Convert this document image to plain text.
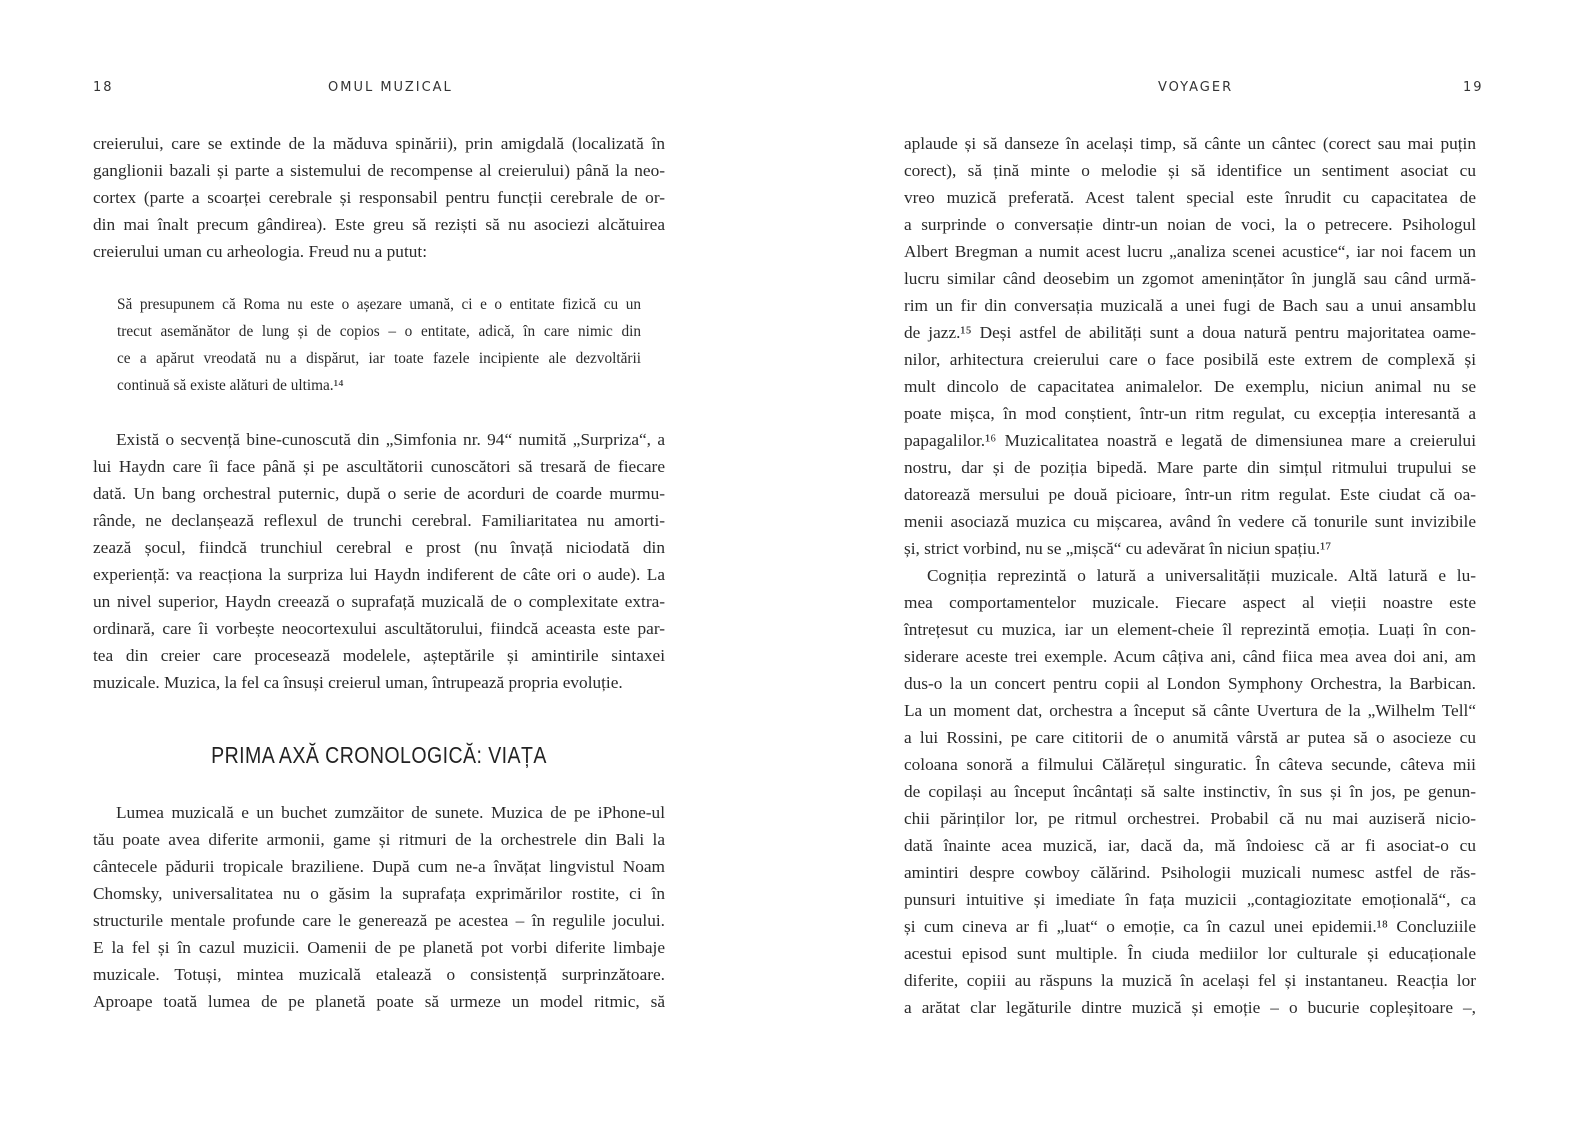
18	OMUL MUZICAL
creierului, care se extinde de la măduva spinării), prin amigdală (localizată în
ganglionii bazali și parte a sistemului de recompense al creierului) până la neo-
cortex (parte a scoarței cerebrale și responsabil pentru funcții cerebrale de or-
din mai înalt precum gândirea). Este greu să reziști să nu asociezi alcătuirea
creierului uman cu arheologia. Freud nu a putut:
Să presupunem că Roma nu este o așezare umană, ci e o entitate fizică cu un
trecut asemănător de lung și de copios – o entitate, adică, în care nimic din
ce a apărut vreodată nu a dispărut, iar toate fazele incipiente ale dezvoltării
continuă să existe alături de ultima.¹⁴
Există o secvență bine-cunoscută din „Simfonia nr. 94“ numită „Surpriza“, a
lui Haydn care îi face până și pe ascultătorii cunoscători să tresară de fiecare
dată. Un bang orchestral puternic, după o serie de acorduri de coarde murmu-
rânde, ne declanșează reflexul de trunchi cerebral. Familiaritatea nu amorti-
zează șocul, fiindcă trunchiul cerebral e prost (nu învață niciodată din
experiență: va reacționa la surpriza lui Haydn indiferent de câte ori o aude). La
un nivel superior, Haydn creează o suprafață muzicală de o complexitate extra-
ordinară, care îi vorbește neocortexului ascultătorului, fiindcă aceasta este par-
tea din creier care procesează modelele, așteptările și amintirile sintaxei
muzicale. Muzica, la fel ca însuși creierul uman, întrupează propria evoluție.
PRIMA AXĂ CRONOLOGICĂ: VIAȚA
Lumea muzicală e un buchet zumzăitor de sunete. Muzica de pe iPhone-ul
tău poate avea diferite armonii, game și ritmuri de la orchestrele din Bali la
cântecele pădurii tropicale braziliene. După cum ne-a învățat lingvistul Noam
Chomsky, universalitatea nu o găsim la suprafața exprimărilor rostite, ci în
structurile mentale profunde care le generează pe acestea – în regulile jocului.
E la fel și în cazul muzicii. Oamenii de pe planetă pot vorbi diferite limbaje
muzicale. Totuși, mintea muzicală etalează o consistență surprinzătoare.
Aproape toată lumea de pe planetă poate să urmeze un model ritmic, să
VOYAGER	19
aplaude și să danseze în același timp, să cânte un cântec (corect sau mai puțin
corect), să țină minte o melodie și să identifice un sentiment asociat cu
vreo muzică preferată. Acest talent special este înrudit cu capacitatea de
a surprinde o conversație dintr-un noian de voci, la o petrecere. Psihologul
Albert Bregman a numit acest lucru „analiza scenei acustice“, iar noi facem un
lucru similar când deosebim un zgomot amenințător în junglă sau când urmă-
rim un fir din conversația muzicală a unei fugi de Bach sau a unui ansamblu
de jazz.¹⁵ Deși astfel de abilități sunt a doua natură pentru majoritatea oame-
nilor, arhitectura creierului care o face posibilă este extrem de complexă și
mult dincolo de capacitatea animalelor. De exemplu, niciun animal nu se
poate mișca, în mod conștient, într-un ritm regulat, cu excepția interesantă a
papagalilor.¹⁶ Muzicalitatea noastră e legată de dimensiunea mare a creierului
nostru, dar și de poziția bipedă. Mare parte din simțul ritmului trupului se
datorează mersului pe două picioare, într-un ritm regulat. Este ciudat că oa-
menii asociază muzica cu mișcarea, având în vedere că tonurile sunt invizibile
și, strict vorbind, nu se „mișcă“ cu adevărat în niciun spațiu.¹⁷
Cogniția reprezintă o latură a universalității muzicale. Altă latură e lu-
mea comportamentelor muzicale. Fiecare aspect al vieții noastre este
întrețesut cu muzica, iar un element-cheie îl reprezintă emoția. Luați în con-
siderare aceste trei exemple. Acum câțiva ani, când fiica mea avea doi ani, am
dus-o la un concert pentru copii al London Symphony Orchestra, la Barbican.
La un moment dat, orchestra a început să cânte Uvertura de la „Wilhelm Tell“
a lui Rossini, pe care cititorii de o anumită vârstă ar putea să o asocieze cu
coloana sonoră a filmului Călărețul singuratic. În câteva secunde, câteva mii
de copilași au început încântați să salte instinctiv, în sus și în jos, pe genun-
chii părinților lor, pe ritmul orchestrei. Probabil că nu mai auziseră nicio-
dată înainte acea muzică, iar, dacă da, mă îndoiesc că ar fi asociat-o cu
amintiri despre cowboy călărind. Psihologii muzicali numesc astfel de răs-
punsuri intuitive și imediate în fața muzicii „contagiozitate emoțională“, ca
și cum cineva ar fi „luat“ o emoție, ca în cazul unei epidemii.¹⁸ Concluziile
acestui episod sunt multiple. În ciuda mediilor lor culturale și educaționale
diferite, copiii au răspuns la muzică în același fel și instantaneu. Reacția lor
a arătat clar legăturile dintre muzică și emoție – o bucurie copleșitoare –,
